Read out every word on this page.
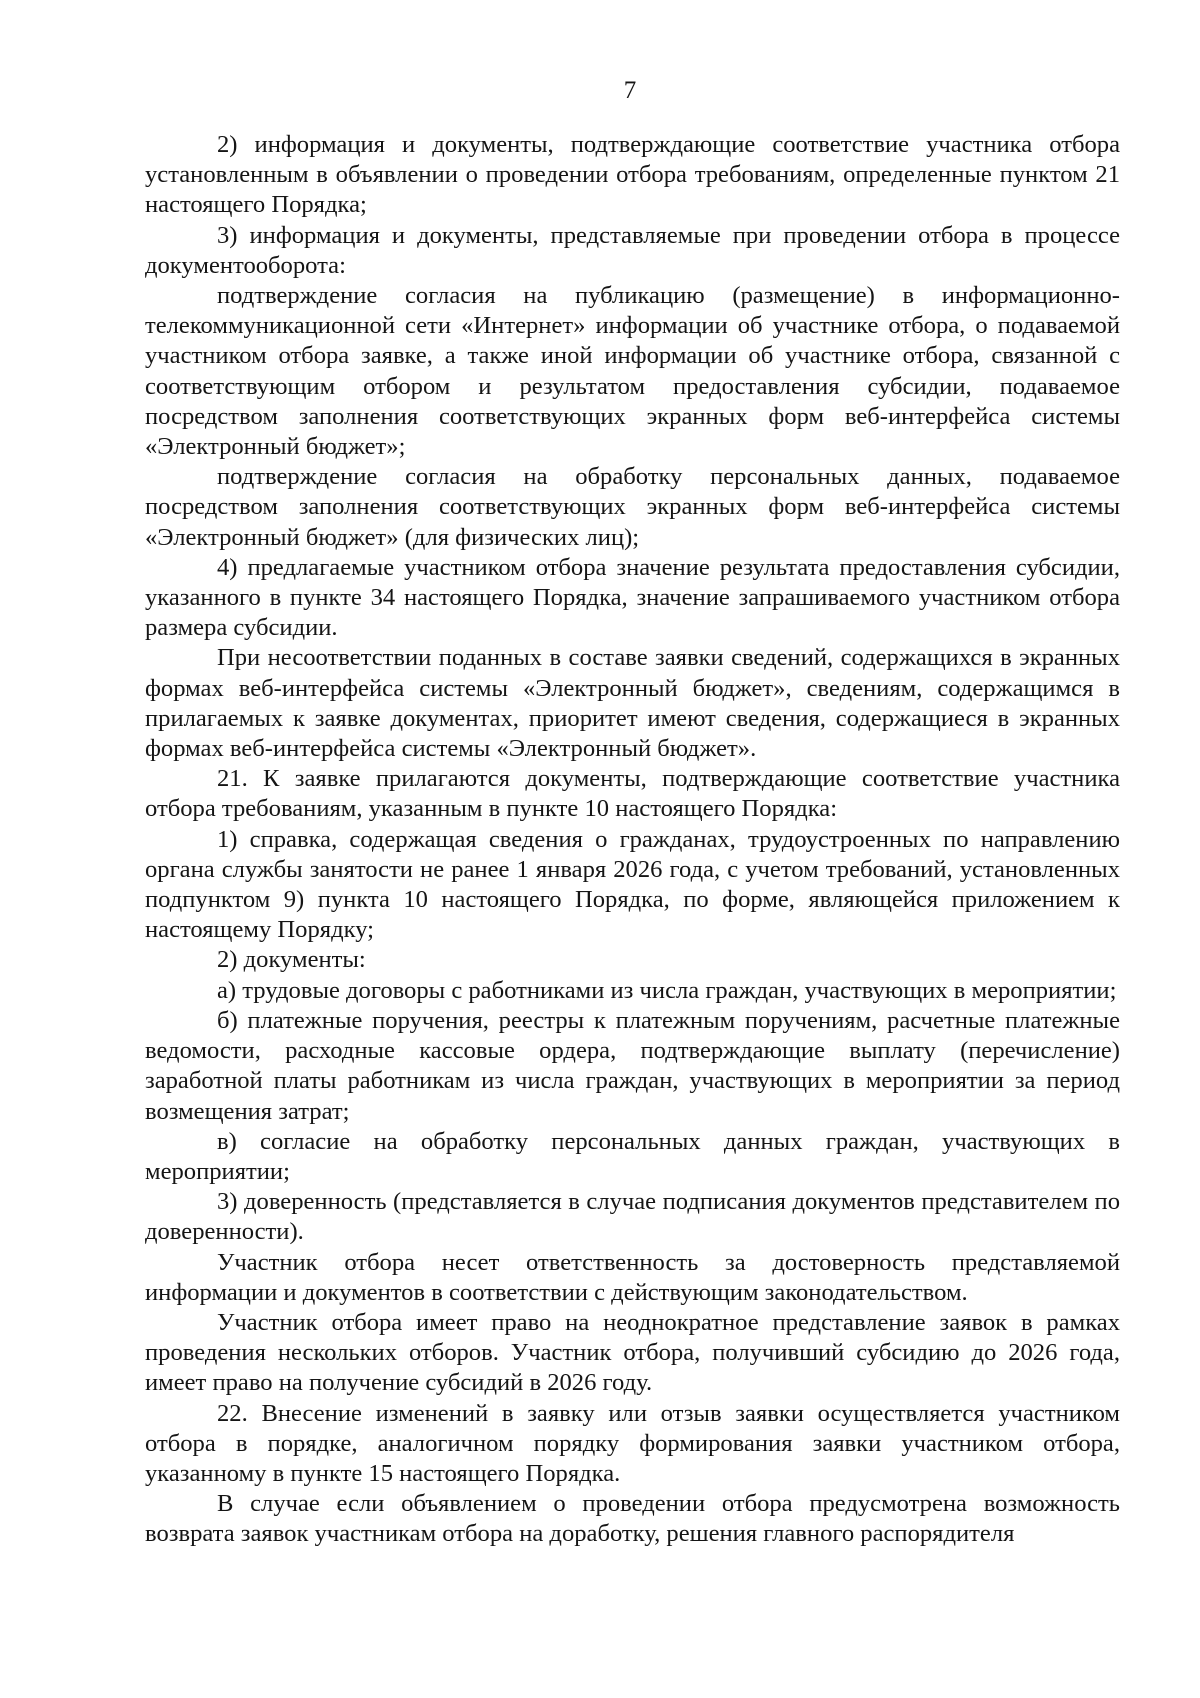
7

2) информация и документы, подтверждающие соответствие участника отбора установленным в объявлении о проведении отбора требованиям, определенные пунктом 21 настоящего Порядка;

3) информация и документы, представляемые при проведении отбора в процессе документооборота:

подтверждение согласия на публикацию (размещение) в информационно-телекоммуникационной сети «Интернет» информации об участнике отбора, о подаваемой участником отбора заявке, а также иной информации об участнике отбора, связанной с соответствующим отбором и результатом предоставления субсидии, подаваемое посредством заполнения соответствующих экранных форм веб-интерфейса системы «Электронный бюджет»;

подтверждение согласия на обработку персональных данных, подаваемое посредством заполнения соответствующих экранных форм веб-интерфейса системы «Электронный бюджет» (для физических лиц);

4) предлагаемые участником отбора значение результата предоставления субсидии, указанного в пункте 34 настоящего Порядка, значение запрашиваемого участником отбора размера субсидии.

При несоответствии поданных в составе заявки сведений, содержащихся в экранных формах веб-интерфейса системы «Электронный бюджет», сведениям, содержащимся в прилагаемых к заявке документах, приоритет имеют сведения, содержащиеся в экранных формах веб-интерфейса системы «Электронный бюджет».

21. К заявке прилагаются документы, подтверждающие соответствие участника отбора требованиям, указанным в пункте 10 настоящего Порядка:

1) справка, содержащая сведения о гражданах, трудоустроенных по направлению органа службы занятости не ранее 1 января 2026 года, с учетом требований, установленных подпунктом 9) пункта 10 настоящего Порядка, по форме, являющейся приложением к настоящему Порядку;

2) документы:

а) трудовые договоры с работниками из числа граждан, участвующих в мероприятии;

б) платежные поручения, реестры к платежным поручениям, расчетные платежные ведомости, расходные кассовые ордера, подтверждающие выплату (перечисление) заработной платы работникам из числа граждан, участвующих в мероприятии за период возмещения затрат;

в) согласие на обработку персональных данных граждан, участвующих в мероприятии;

3) доверенность (представляется в случае подписания документов представителем по доверенности).

Участник отбора несет ответственность за достоверность представляемой информации и документов в соответствии с действующим законодательством.

Участник отбора имеет право на неоднократное представление заявок в рамках проведения нескольких отборов. Участник отбора, получивший субсидию до 2026 года, имеет право на получение субсидий в 2026 году.

22. Внесение изменений в заявку или отзыв заявки осуществляется участником отбора в порядке, аналогичном порядку формирования заявки участником отбора, указанному в пункте 15 настоящего Порядка.

В случае если объявлением о проведении отбора предусмотрена возможность возврата заявок участникам отбора на доработку, решения главного распорядителя
